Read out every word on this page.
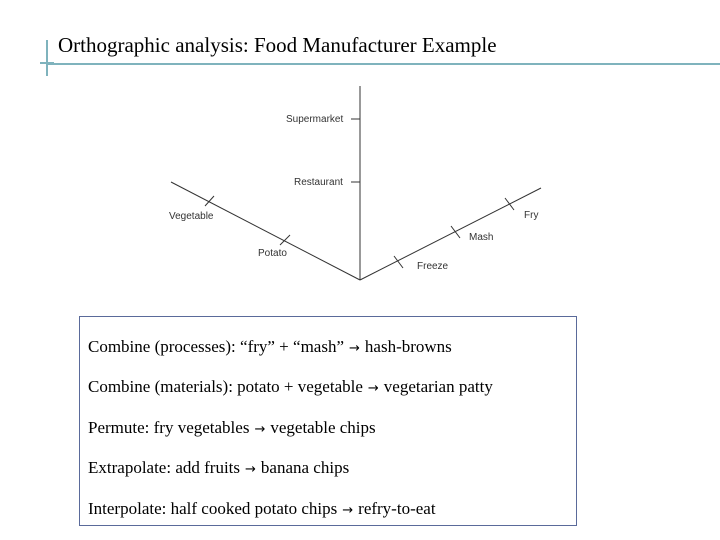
Orthographic analysis: Food Manufacturer Example
Supermarket
Restaurant
Vegetable
Potato
Fry
Mash
Freeze
Combine (processes): “fry” + “mash” → hash-browns
Combine (materials): potato + vegetable → vegetarian patty
Permute: fry vegetables → vegetable chips
Extrapolate: add fruits → banana chips
Interpolate: half cooked potato chips → refry-to-eat
